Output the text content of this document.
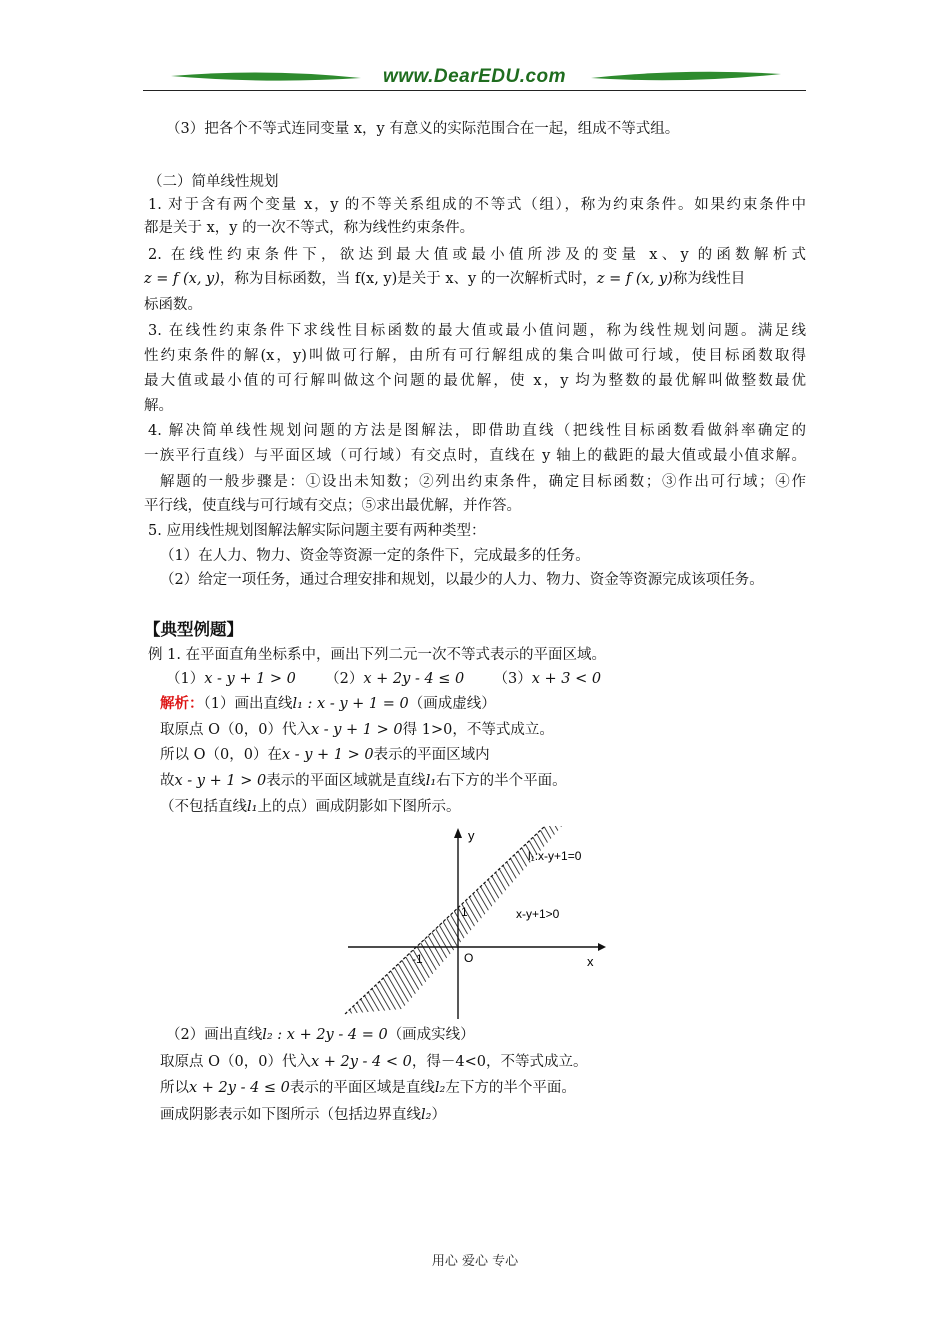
www.DearEDU.com
（3）把各个不等式连同变量 x，y 有意义的实际范围合在一起，组成不等式组。
（二）简单线性规划
1. 对于含有两个变量 x，y 的不等关系组成的不等式（组），称为约束条件。如果约束条件中
都是关于 x，y 的一次不等式，称为线性约束条件。
2. 在线性约束条件下，欲达到最大值或最小值所涉及的变量 x、y 的函数解析式
z = f (x, y)，称为目标函数，当 f(x, y)是关于 x、y 的一次解析式时，z = f (x, y)称为线性目
标函数。
3. 在线性约束条件下求线性目标函数的最大值或最小值问题，称为线性规划问题。满足线
性约束条件的解(x，y)叫做可行解，由所有可行解组成的集合叫做可行域，使目标函数取得
最大值或最小值的可行解叫做这个问题的最优解，使 x，y 均为整数的最优解叫做整数最优
解。
4. 解决简单线性规划问题的方法是图解法，即借助直线（把线性目标函数看做斜率确定的
一族平行直线）与平面区域（可行域）有交点时，直线在 y 轴上的截距的最大值或最小值求解。
解题的一般步骤是：①设出未知数；②列出约束条件，确定目标函数；③作出可行域；④作
平行线，使直线与可行域有交点；⑤求出最优解，并作答。
5. 应用线性规划图解法解实际问题主要有两种类型：
（1）在人力、物力、资金等资源一定的条件下，完成最多的任务。
（2）给定一项任务，通过合理安排和规划，以最少的人力、物力、资金等资源完成该项任务。
【典型例题】
例 1. 在平面直角坐标系中，画出下列二元一次不等式表示的平面区域。
（1）x - y + 1 > 0 （2）x + 2y - 4 ≤ 0 （3）x + 3 < 0
解析：（1）画出直线l₁ : x - y + 1 = 0（画成虚线）
取原点 O（0，0）代入x - y + 1 > 0得 1>0，不等式成立。
所以 O（0，0）在x - y + 1 > 0表示的平面区域内
故x - y + 1 > 0表示的平面区域就是直线l₁右下方的半个平面。
（不包括直线l₁上的点）画成阴影如下图所示。
y
x
O
-1
1
l₁:x-y+1=0
x-y+1>0
（2）画出直线l₂ : x + 2y - 4 = 0（画成实线）
取原点 O（0，0）代入x + 2y - 4 < 0，得－4<0，不等式成立。
所以x + 2y - 4 ≤ 0表示的平面区域是直线l₂左下方的半个平面。
画成阴影表示如下图所示（包括边界直线l₂）
用心 爱心 专心
